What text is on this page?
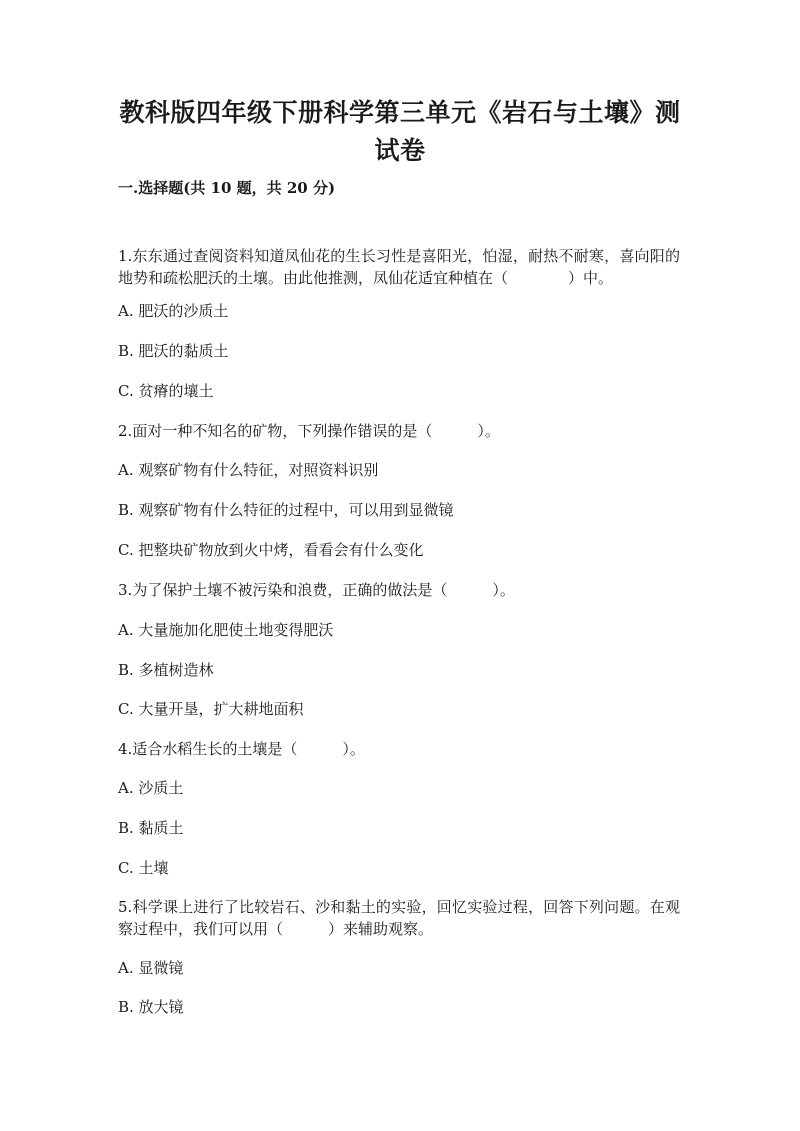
教科版四年级下册科学第三单元《岩石与土壤》测试卷
一.选择题(共 10 题，共 20 分)
1.东东通过查阅资料知道凤仙花的生长习性是喜阳光，怕湿，耐热不耐寒，喜向阳的地势和疏松肥沃的土壤。由此他推测，凤仙花适宜种植在（　　　　）中。
A. 肥沃的沙质土
B. 肥沃的黏质土
C. 贫瘠的壤土
2.面对一种不知名的矿物，下列操作错误的是（　　　）。
A. 观察矿物有什么特征，对照资料识别
B. 观察矿物有什么特征的过程中，可以用到显微镜
C. 把整块矿物放到火中烤，看看会有什么变化
3.为了保护土壤不被污染和浪费，正确的做法是（　　　）。
A. 大量施加化肥使土地变得肥沃
B. 多植树造林
C. 大量开垦，扩大耕地面积
4.适合水稻生长的土壤是（　　　）。
A. 沙质土
B. 黏质土
C. 土壤
5.科学课上进行了比较岩石、沙和黏土的实验，回忆实验过程，回答下列问题。在观察过程中，我们可以用（　　　）来辅助观察。
A. 显微镜
B. 放大镜
